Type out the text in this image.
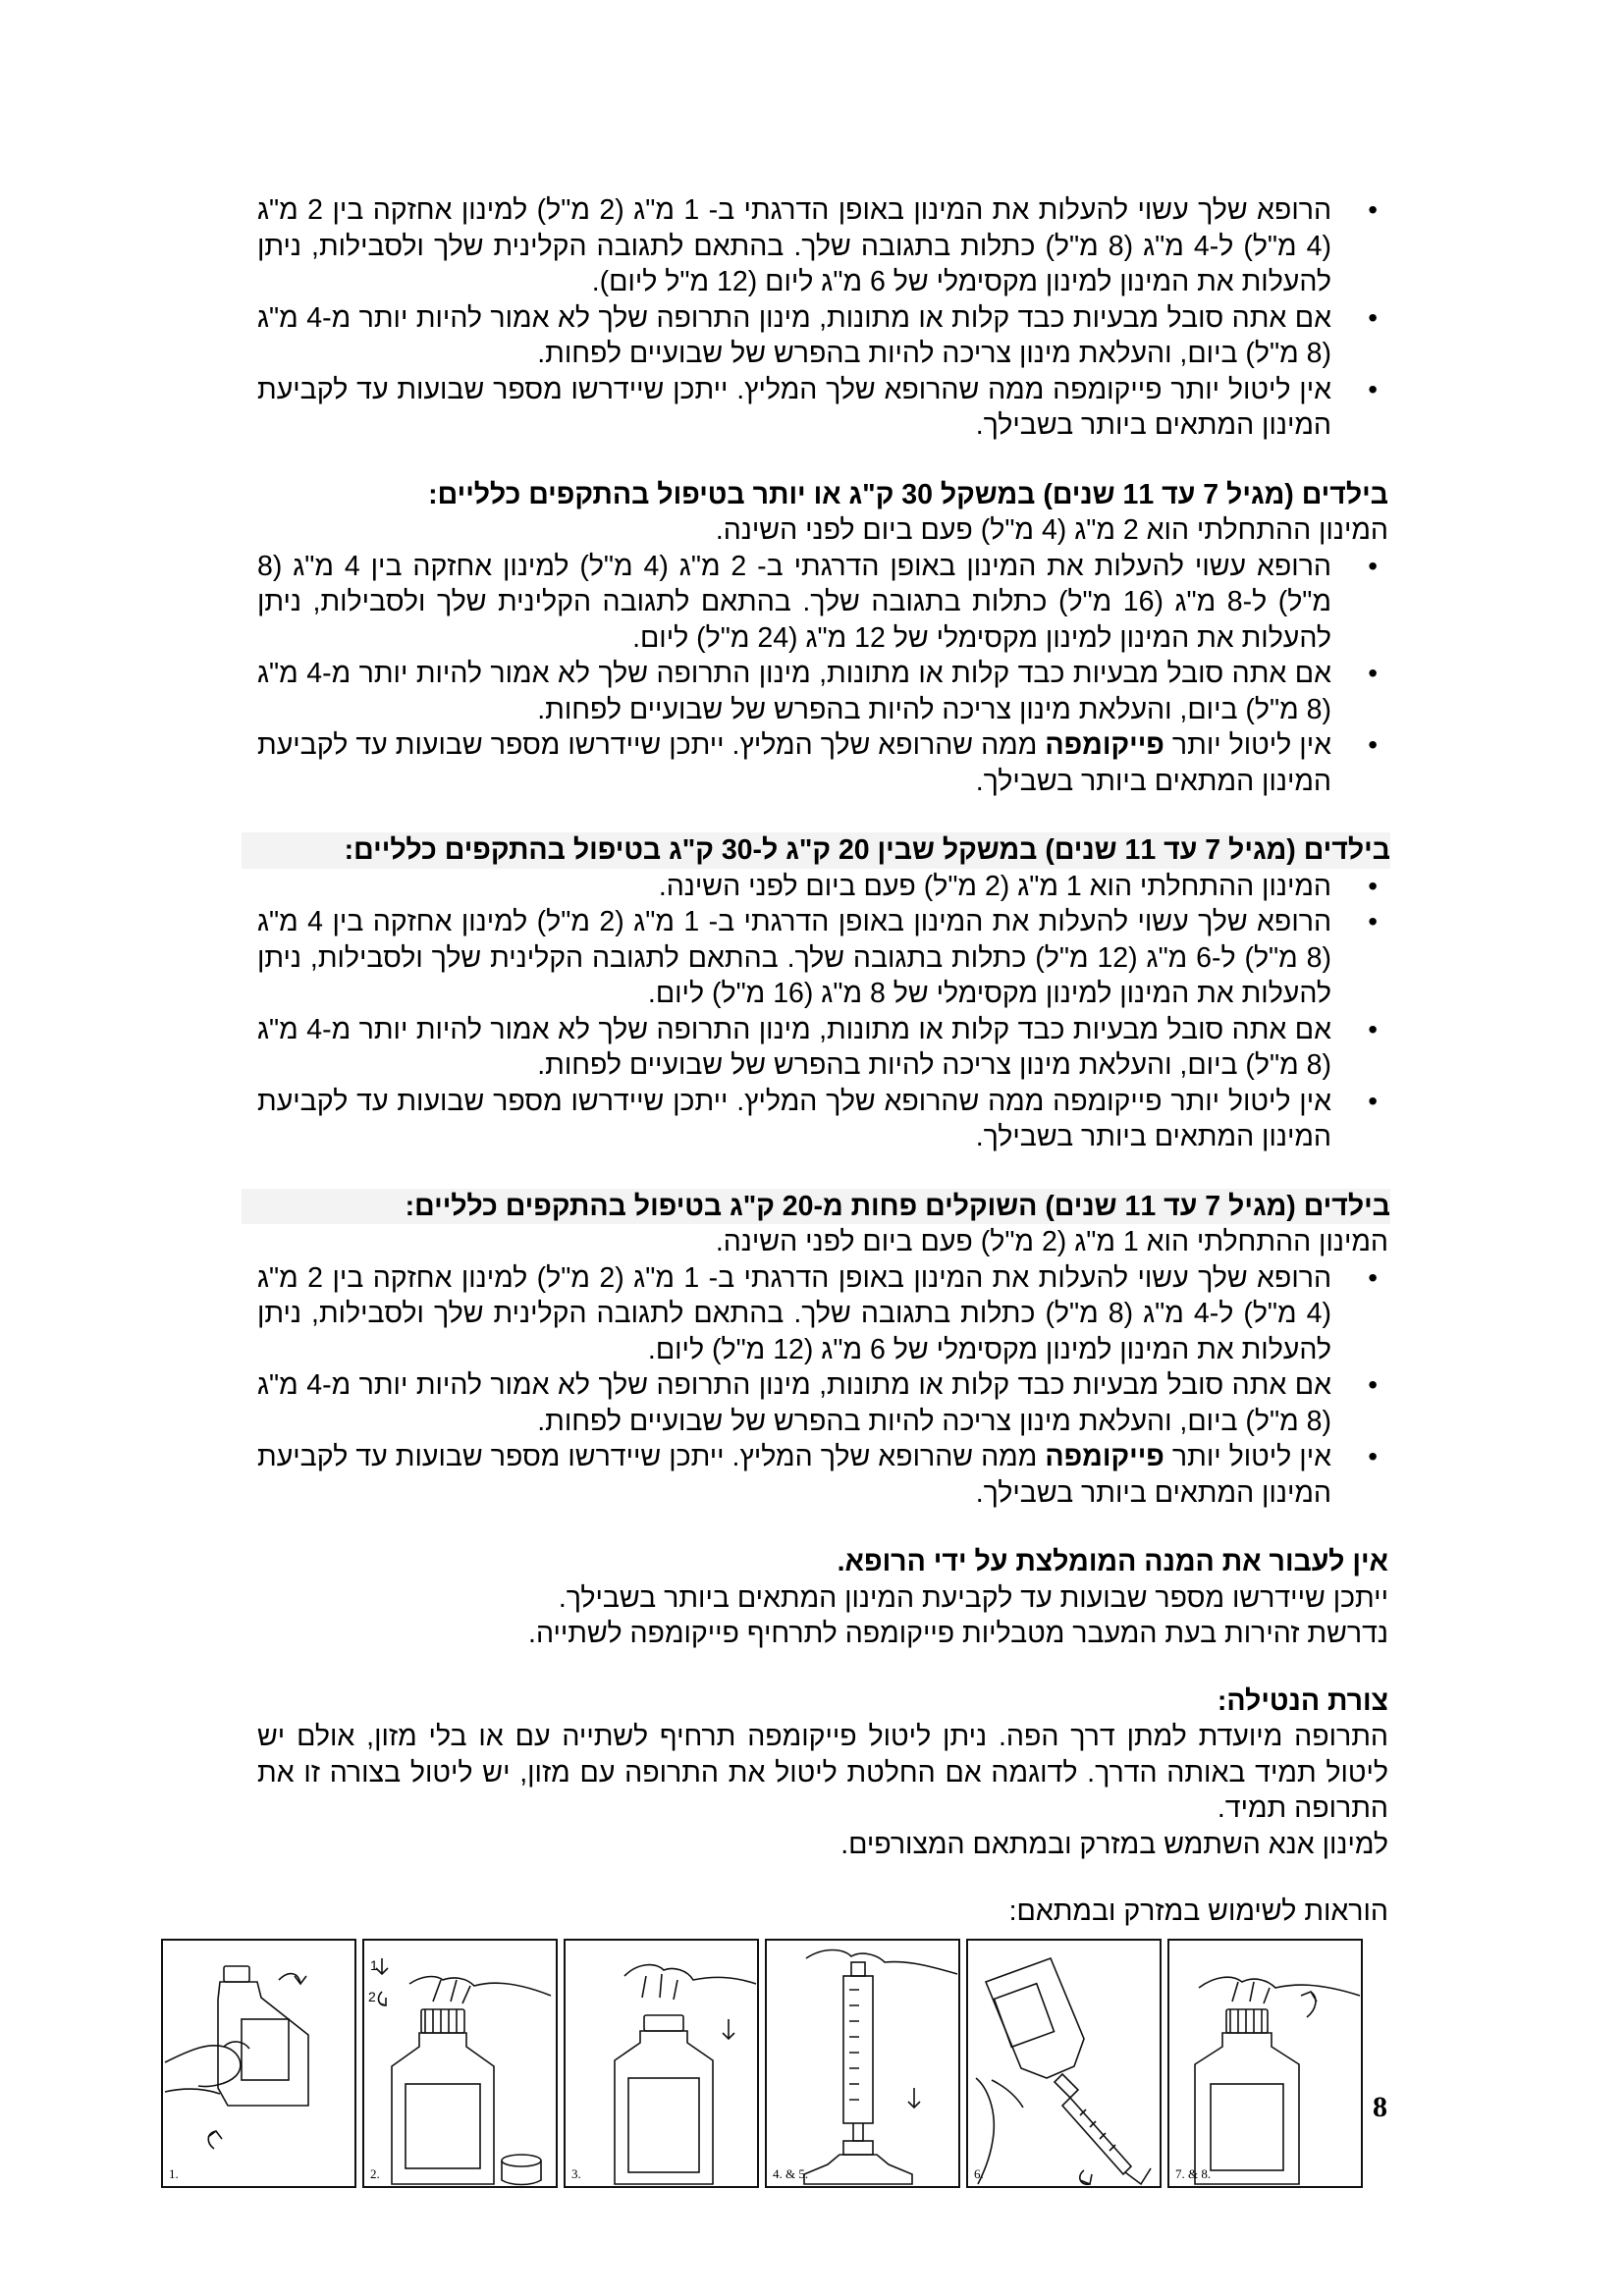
• הרופא שלך עשוי להעלות את המינון באופן הדרגתי ב- 1 מ"ג (2 מ"ל) למינון אחזקה בין 2 מ"ג (4 מ"ל) ל-4 מ"ג (8 מ"ל) כתלות בתגובה שלך. בהתאם לתגובה הקלינית שלך ולסבילות, ניתן להעלות את המינון למינון מקסימלי של 6 מ"ג ליום (12 מ"ל ליום).
• אם אתה סובל מבעיות כבד קלות או מתונות, מינון התרופה שלך לא אמור להיות יותר מ-4 מ"ג (8 מ"ל) ביום, והעלאת מינון צריכה להיות בהפרש של שבועיים לפחות.
• אין ליטול יותר פייקומפה ממה שהרופא שלך המליץ. ייתכן שיידרשו מספר שבועות עד לקביעת המינון המתאים ביותר בשבילך.

בילדים (מגיל 7 עד 11 שנים) במשקל 30 ק"ג או יותר בטיפול בהתקפים כלליים:

המינון ההתחלתי הוא 2 מ"ג (4 מ"ל) פעם ביום לפני השינה.

• הרופא עשוי להעלות את המינון באופן הדרגתי ב- 2 מ"ג (4 מ"ל) למינון אחזקה בין 4 מ"ג (8 מ"ל) ל-8 מ"ג (16 מ"ל) כתלות בתגובה שלך. בהתאם לתגובה הקלינית שלך ולסבילות, ניתן להעלות את המינון למינון מקסימלי של 12 מ"ג (24 מ"ל) ליום.
• אם אתה סובל מבעיות כבד קלות או מתונות, מינון התרופה שלך לא אמור להיות יותר מ-4 מ"ג (8 מ"ל) ביום, והעלאת מינון צריכה להיות בהפרש של שבועיים לפחות.
• אין ליטול יותר פייקומפה ממה שהרופא שלך המליץ. ייתכן שיידרשו מספר שבועות עד לקביעת המינון המתאים ביותר בשבילך.

בילדים (מגיל 7 עד 11 שנים) במשקל שבין 20 ק"ג ל-30 ק"ג בטיפול בהתקפים כלליים:

• המינון ההתחלתי הוא 1 מ"ג (2 מ"ל) פעם ביום לפני השינה.
• הרופא שלך עשוי להעלות את המינון באופן הדרגתי ב- 1 מ"ג (2 מ"ל) למינון אחזקה בין 4 מ"ג (8 מ"ל) ל-6 מ"ג (12 מ"ל) כתלות בתגובה שלך. בהתאם לתגובה הקלינית שלך ולסבילות, ניתן להעלות את המינון למינון מקסימלי של 8 מ"ג (16 מ"ל) ליום.
• אם אתה סובל מבעיות כבד קלות או מתונות, מינון התרופה שלך לא אמור להיות יותר מ-4 מ"ג (8 מ"ל) ביום, והעלאת מינון צריכה להיות בהפרש של שבועיים לפחות.
• אין ליטול יותר פייקומפה ממה שהרופא שלך המליץ. ייתכן שיידרשו מספר שבועות עד לקביעת המינון המתאים ביותר בשבילך.

בילדים (מגיל 7 עד 11 שנים) השוקלים פחות מ-20 ק"ג בטיפול בהתקפים כלליים:

המינון ההתחלתי הוא 1 מ"ג (2 מ"ל) פעם ביום לפני השינה.

• הרופא שלך עשוי להעלות את המינון באופן הדרגתי ב- 1 מ"ג (2 מ"ל) למינון אחזקה בין 2 מ"ג (4 מ"ל) ל-4 מ"ג (8 מ"ל) כתלות בתגובה שלך. בהתאם לתגובה הקלינית שלך ולסבילות, ניתן להעלות את המינון למינון מקסימלי של 6 מ"ג (12 מ"ל) ליום.
• אם אתה סובל מבעיות כבד קלות או מתונות, מינון התרופה שלך לא אמור להיות יותר מ-4 מ"ג (8 מ"ל) ביום, והעלאת מינון צריכה להיות בהפרש של שבועיים לפחות.
• אין ליטול יותר פייקומפה ממה שהרופא שלך המליץ. ייתכן שיידרשו מספר שבועות עד לקביעת המינון המתאים ביותר בשבילך.

אין לעבור את המנה המומלצת על ידי הרופא.

ייתכן שיידרשו מספר שבועות עד לקביעת המינון המתאים ביותר בשבילך.

נדרשת זהירות בעת המעבר מטבליות פייקומפה לתרחיף פייקומפה לשתייה.

צורת הנטילה:

התרופה מיועדת למתן דרך הפה. ניתן ליטול פייקומפה תרחיף לשתייה עם או בלי מזון, אולם יש ליטול תמיד באותה הדרך. לדוגמה אם החלטת ליטול את התרופה עם מזון, יש ליטול בצורה זו את התרופה תמיד.

למינון אנא השתמש במזרק ובמתאם המצורפים.

הוראות לשימוש במזרק ובמתאם:

1.
1
2
2.	3.	4. & 5.	6.	7. & 8.
8
